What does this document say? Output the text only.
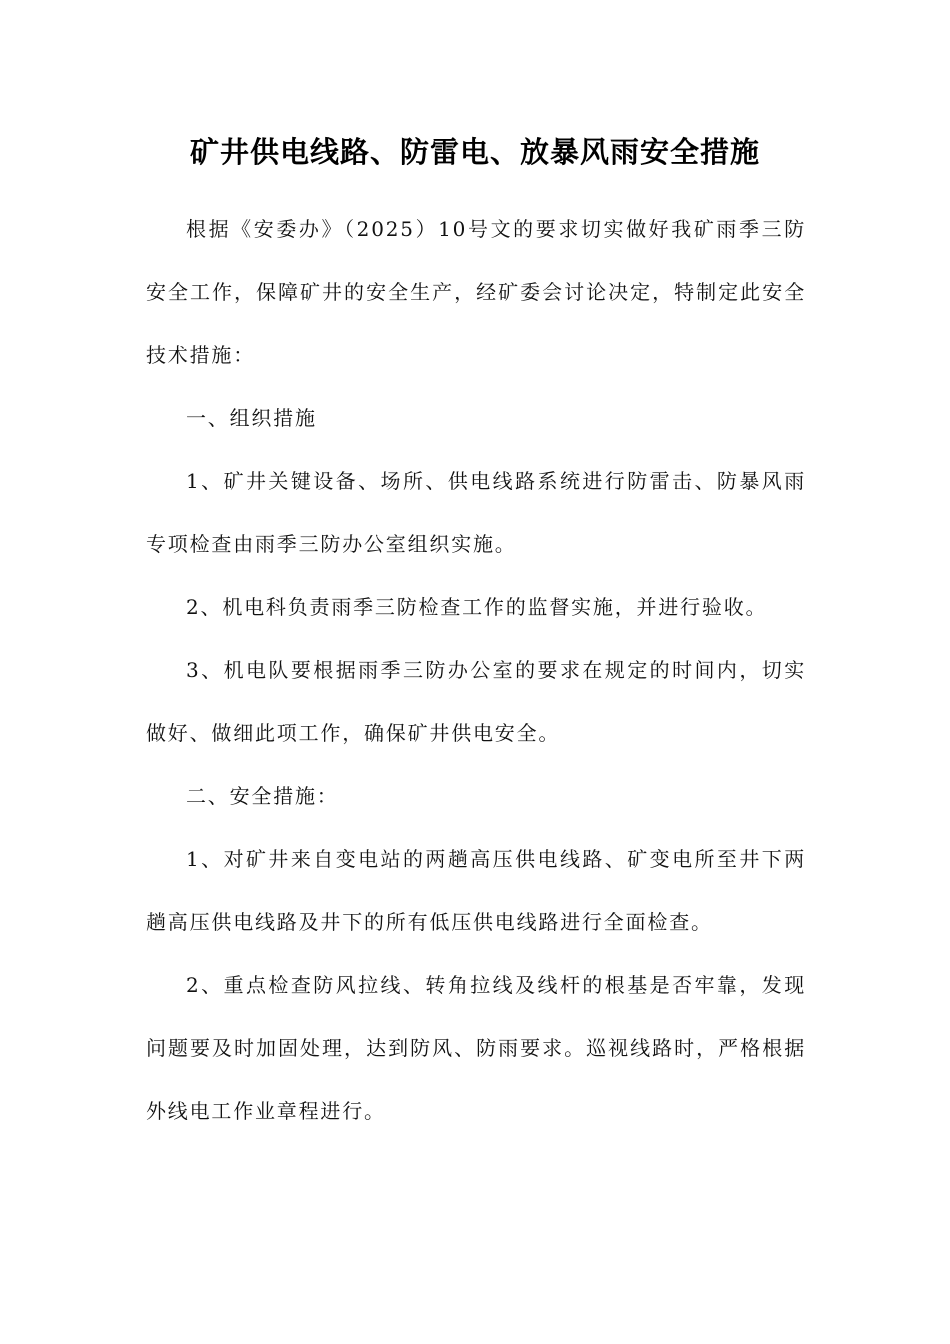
矿井供电线路、防雷电、放暴风雨安全措施

根据《安委办》（2025）10号文的要求切实做好我矿雨季三防安全工作，保障矿井的安全生产，经矿委会讨论决定，特制定此安全技术措施：

一、组织措施

1、矿井关键设备、场所、供电线路系统进行防雷击、防暴风雨专项检查由雨季三防办公室组织实施。

2、机电科负责雨季三防检查工作的监督实施，并进行验收。

3、机电队要根据雨季三防办公室的要求在规定的时间内，切实做好、做细此项工作，确保矿井供电安全。

二、安全措施：

1、对矿井来自变电站的两趟高压供电线路、矿变电所至井下两趟高压供电线路及井下的所有低压供电线路进行全面检查。

2、重点检查防风拉线、转角拉线及线杆的根基是否牢靠，发现问题要及时加固处理，达到防风、防雨要求。巡视线路时，严格根据外线电工作业章程进行。
